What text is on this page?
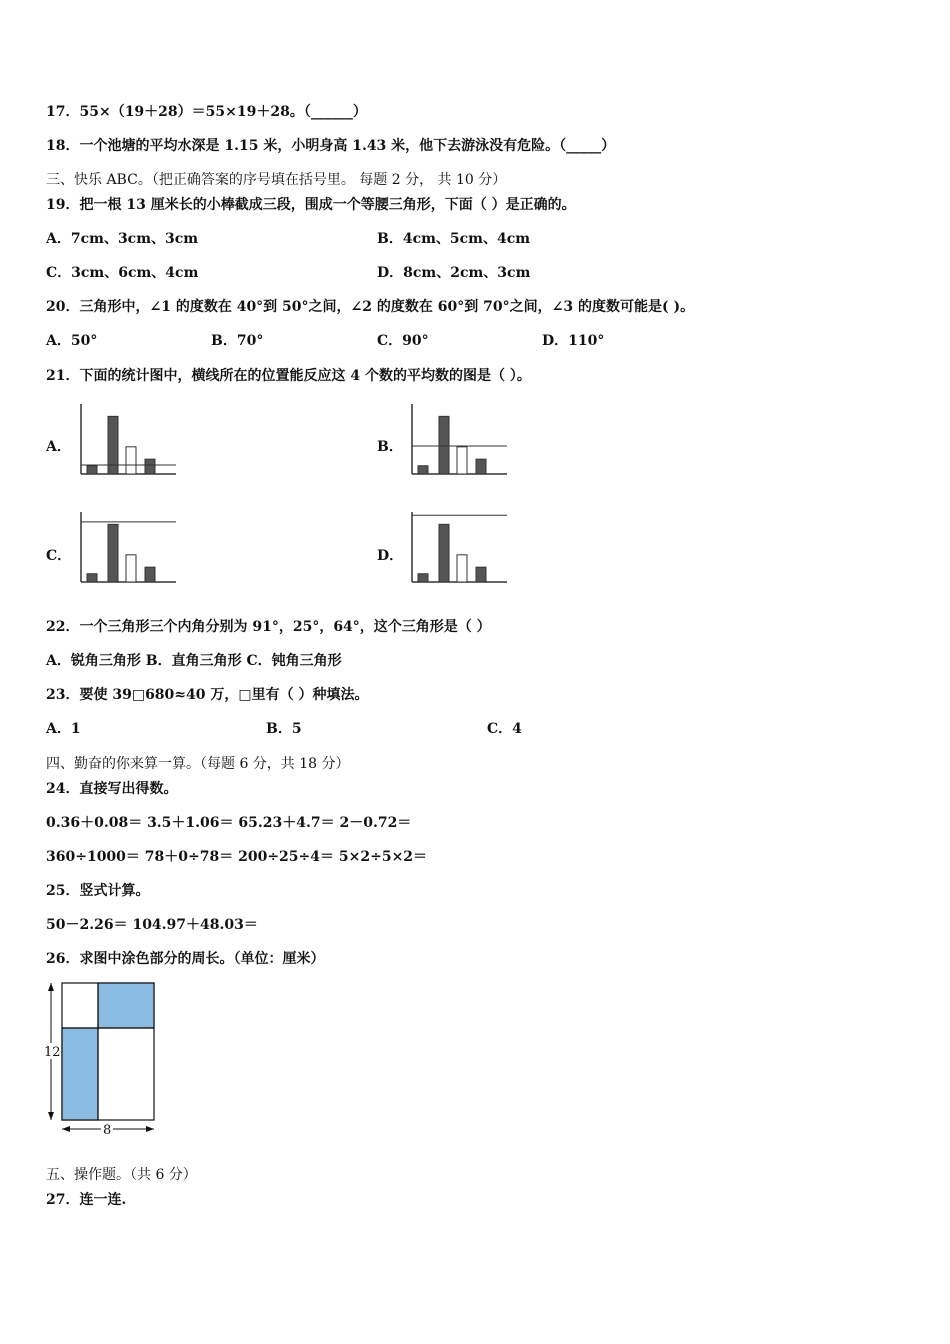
17．55×（19＋28）＝55×19＋28。（______）
18．一个池塘的平均水深是 1.15 米，小明身高 1.43 米，他下去游泳没有危险。（_____）
三、快乐 ABC。（把正确答案的序号填在括号里。 每题 2 分， 共 10 分）
19．把一根 13 厘米长的小棒截成三段，围成一个等腰三角形，下面（ ）是正确的。
A．7cm、3cm、3cm	B．4cm、5cm、4cm
C．3cm、6cm、4cm	D．8cm、2cm、3cm
20．三角形中，∠1 的度数在 40°到 50°之间，∠2 的度数在 60°到 70°之间，∠3 的度数可能是( )。
A．50°	B．70°	C．90°	D．110°
21．下面的统计图中，横线所在的位置能反应这 4 个数的平均数的图是（ ）。
A．	B．
C．	D．
22．一个三角形三个内角分别为 91°，25°，64°，这个三角形是（ ）
A．锐角三角形 B．直角三角形 C．钝角三角形
23．要使 39□680≈40 万，□里有（ ）种填法。
A．1	B．5	C．4
四、勤奋的你来算一算。（每题 6 分，共 18 分）
24．直接写出得数。
0.36＋0.08＝ 3.5＋1.06＝ 65.23＋4.7＝ 2－0.72＝
360÷1000＝ 78＋0÷78＝ 200÷25÷4＝ 5×2÷5×2＝
25．竖式计算。
50－2.26＝ 104.97＋48.03＝
26．求图中涂色部分的周长。（单位：厘米）
12
8
五、操作题。（共 6 分）
27．连一连.
